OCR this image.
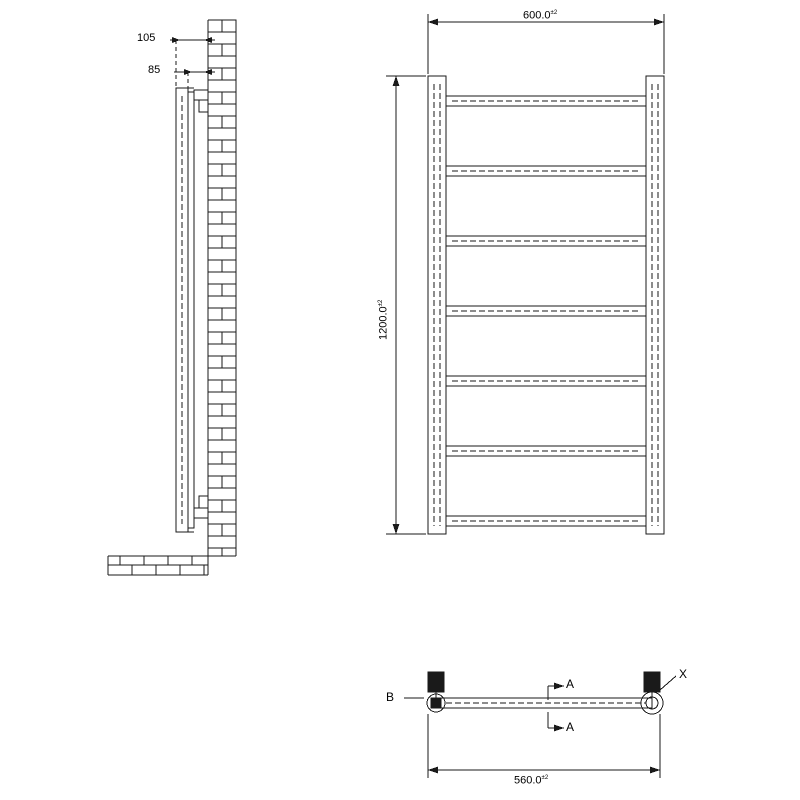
105
85
$600.0^{\pm 2}$
$1200.0^{\pm 2}$
$560.0^{\pm 2}$
A
A
B
X
